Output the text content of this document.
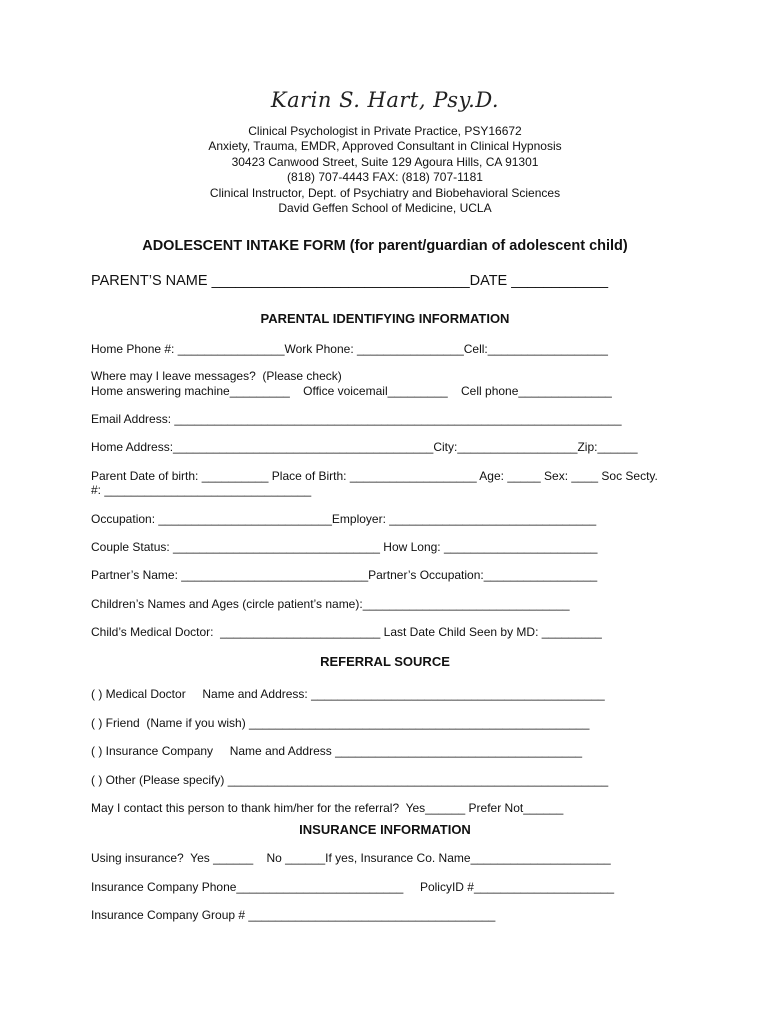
Karin S. Hart, Psy.D.
Clinical Psychologist in Private Practice, PSY16672
Anxiety, Trauma, EMDR, Approved Consultant in Clinical Hypnosis
30423 Canwood Street, Suite 129 Agoura Hills, CA 91301
(818) 707-4443 FAX: (818) 707-1181
Clinical Instructor, Dept. of Psychiatry and Biobehavioral Sciences
David Geffen School of Medicine, UCLA
ADOLESCENT INTAKE FORM (for parent/guardian of adolescent child)
PARENT’S NAME ________________________________DATE ____________
PARENTAL IDENTIFYING INFORMATION
Home Phone #: ________________Work Phone: ________________Cell:__________________
Where may I leave messages?  (Please check)
Home answering machine_________    Office voicemail_________    Cell phone______________
Email Address: ___________________________________________________________________
Home Address:_______________________________________City:__________________Zip:______
Parent Date of birth: __________ Place of Birth: ___________________ Age: _____ Sex: ____ Soc Secty. #: _______________________________
Occupation: __________________________Employer: _______________________________
Couple Status: _______________________________ How Long: _______________________
Partner’s Name: ____________________________Partner’s Occupation:_________________
Children’s Names and Ages (circle patient’s name):_______________________________
Child’s Medical Doctor:  ________________________ Last Date Child Seen by MD: _________
REFERRAL SOURCE
( ) Medical Doctor     Name and Address: ____________________________________________
( ) Friend  (Name if you wish) ___________________________________________________
( ) Insurance Company     Name and Address _____________________________________
( ) Other (Please specify) _________________________________________________________
May I contact this person to thank him/her for the referral?  Yes______ Prefer Not______
INSURANCE INFORMATION
Using insurance?  Yes ______    No ______If yes, Insurance Co. Name_____________________
Insurance Company Phone_________________________     PolicyID #_____________________
Insurance Company Group # _____________________________________
